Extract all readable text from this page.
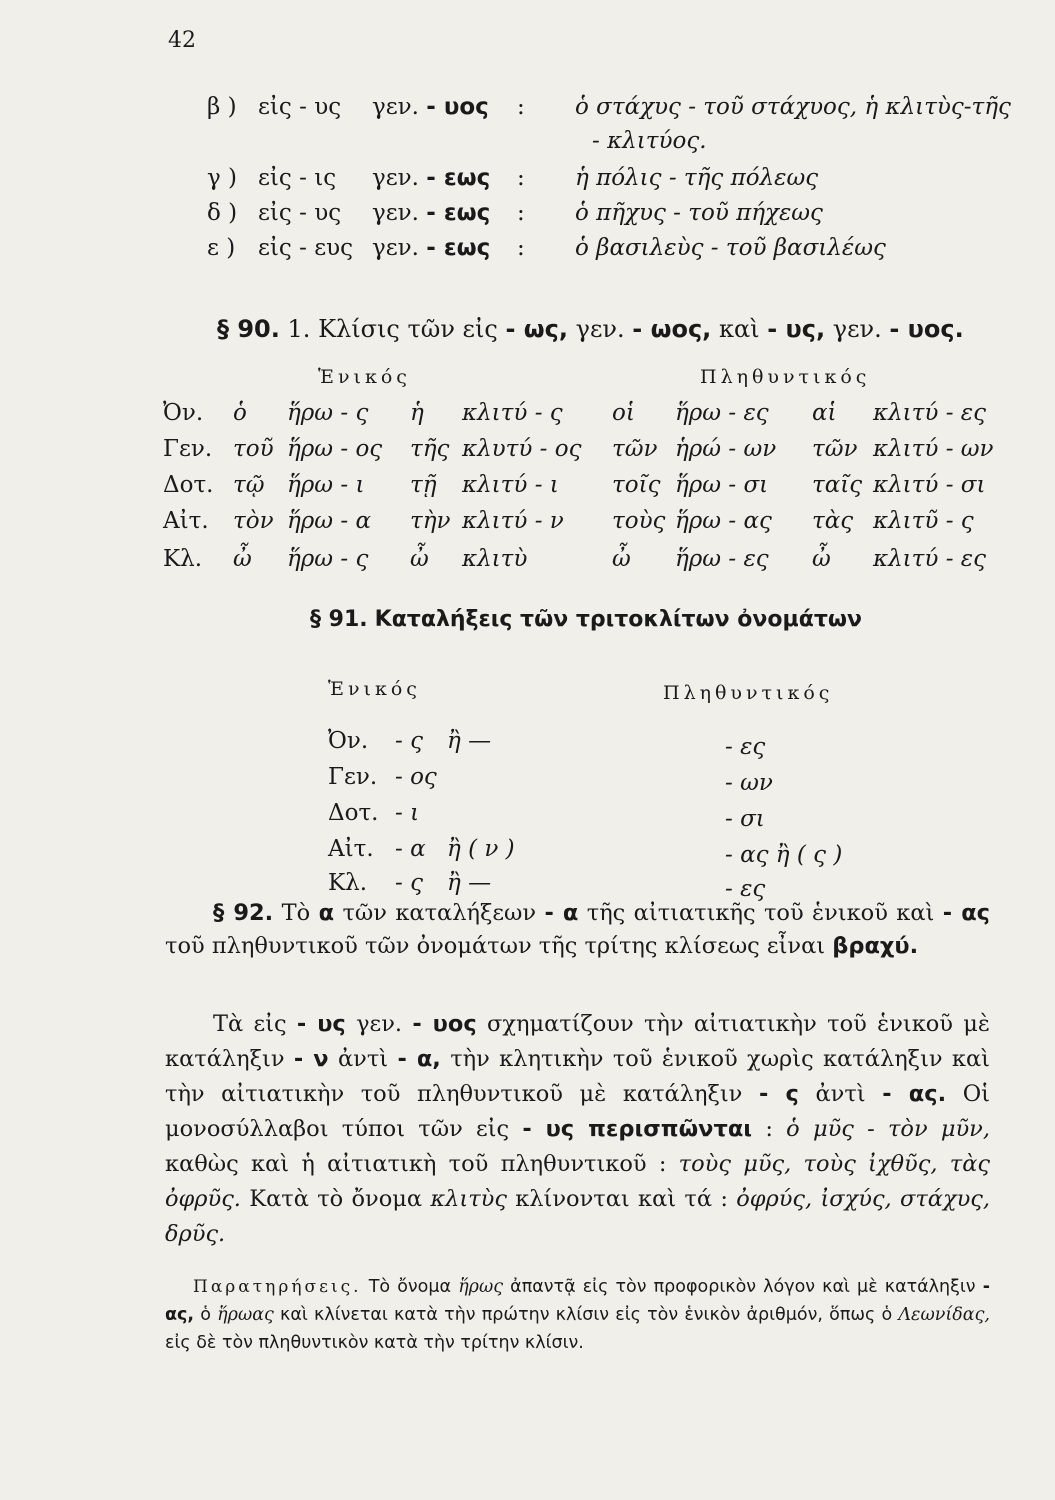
42
β ) εἰς - υς γεν. - υος : ὁ στάχυς - τοῦ στάχυος, ἡ κλιτὺς-τῆς
- κλιτύος.
γ ) εἰς - ις γεν. - εως : ἡ πόλις - τῆς πόλεως
δ ) εἰς - υς γεν. - εως : ὁ πῆχυς - τοῦ πήχεως
ε ) εἰς - ευς γεν. - εως : ὁ βασιλεὺς - τοῦ βασιλέως
§ 90. 1. Κλίσις τῶν εἰς - ως, γεν. - ωος, καὶ - υς, γεν. - υος.
Ἑνικός	Πληθυντικός
Ὀν. ὁ ἥρω - ς ἡ κλιτύ - ς οἱ ἥρω - ες αἱ κλιτύ - ες
Γεν. τοῦ ἥρω - ος τῆς κλυτύ - ος τῶν ἡρώ - ων τῶν κλιτύ - ων
Δοτ. τῷ ἥρω - ι τῇ κλιτύ - ι τοῖς ἥρω - σι ταῖς κλιτύ - σι
Αἰτ. τὸν ἥρω - α τὴν κλιτύ - ν τοὺς ἥρω - ας τὰς κλιτῦ - ς
Κλ. ὦ ἥρω - ς ὦ κλιτὺ	ὦ ἥρω - ες ὦ κλιτύ - ες
§ 91. Καταλήξεις τῶν τριτοκλίτων ὀνομάτων
Ἑνικός	Πληθυντικός
Ὀν. - ς ἢ —	- ες
Γεν. - ος	- ων
Δοτ. - ι	- σι
Αἰτ. - α ἢ ( ν )	- ας ἢ ( ς )
Κλ. - ς ἢ —	- ες
§ 92. Τὸ α τῶν καταλήξεων - α τῆς αἰτιατικῆς τοῦ ἑνικοῦ καὶ - ας τοῦ πληθυντικοῦ τῶν ὀνομάτων τῆς τρίτης κλίσεως εἶναι βραχύ.
Τὰ εἰς - υς γεν. - υος σχηματίζουν τὴν αἰτιατικὴν τοῦ ἑνικοῦ μὲ κατάληξιν - ν ἀντὶ - α, τὴν κλητικὴν τοῦ ἑνικοῦ χωρὶς κατάληξιν καὶ τὴν αἰτιατικὴν τοῦ πληθυντικοῦ μὲ κατάληξιν - ς ἀντὶ - ας. Οἱ μονοσύλλαβοι τύποι τῶν εἰς - υς περισπῶνται : ὁ μῦς - τὸν μῦν, καθὼς καὶ ἡ αἰτιατικὴ τοῦ πληθυντικοῦ : τοὺς μῦς, τοὺς ἰχθῦς, τὰς ὀφρῦς. Κατὰ τὸ ὄνομα κλιτὺς κλίνονται καὶ τά : ὀφρύς, ἰσχύς, στάχυς, δρῦς.
Παρατηρήσεις. Τὸ ὄνομα ἥρως ἀπαντᾷ εἰς τὸν προφορικὸν λόγον καὶ μὲ κατάληξιν - ας, ὁ ἥρωας καὶ κλίνεται κατὰ τὴν πρώτην κλίσιν εἰς τὸν ἑνικὸν ἀριθμόν, ὅπως ὁ Λεωνίδας, εἰς δὲ τὸν πληθυντικὸν κατὰ τὴν τρίτην κλίσιν.
